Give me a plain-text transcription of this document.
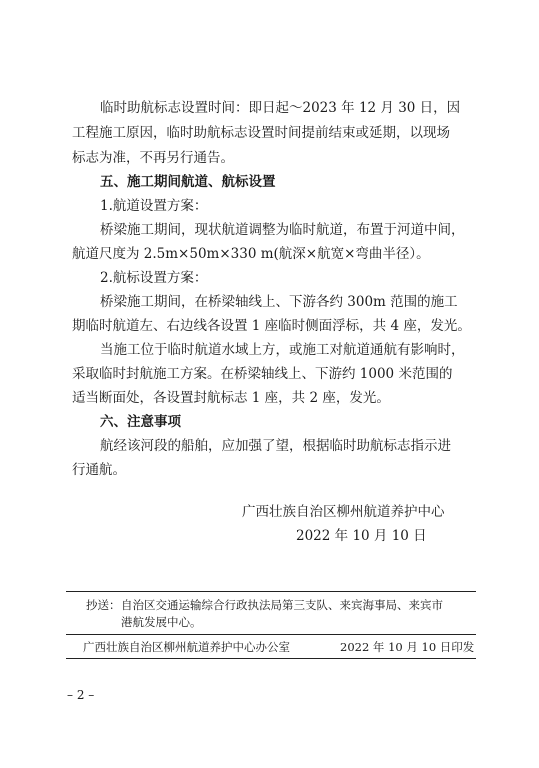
临时助航标志设置时间：即日起～2023 年 12 月 30 日，因
工程施工原因，临时助航标志设置时间提前结束或延期，以现场
标志为准，不再另行通告。
五、施工期间航道、航标设置
1.航道设置方案：
桥梁施工期间，现状航道调整为临时航道，布置于河道中间，
航道尺度为 2.5m×50m×330 m(航深×航宽×弯曲半径）。
2.航标设置方案：
桥梁施工期间，在桥梁轴线上、下游各约 300m 范围的施工
期临时航道左、右边线各设置 1 座临时侧面浮标，共 4 座，发光。
当施工位于临时航道水域上方，或施工对航道通航有影响时，
采取临时封航施工方案。在桥梁轴线上、下游约 1000 米范围的
适当断面处，各设置封航标志 1 座，共 2 座，发光。
六、注意事项
航经该河段的船舶，应加强了望，根据临时助航标志指示进
行通航。
广西壮族自治区柳州航道养护中心
2022 年 10 月 10 日
抄送： 自治区交通运输综合行政执法局第三支队、来宾海事局、来宾市
港航发展中心。
广西壮族自治区柳州航道养护中心办公室	2022 年 10 月 10 日印发
– 2 –
